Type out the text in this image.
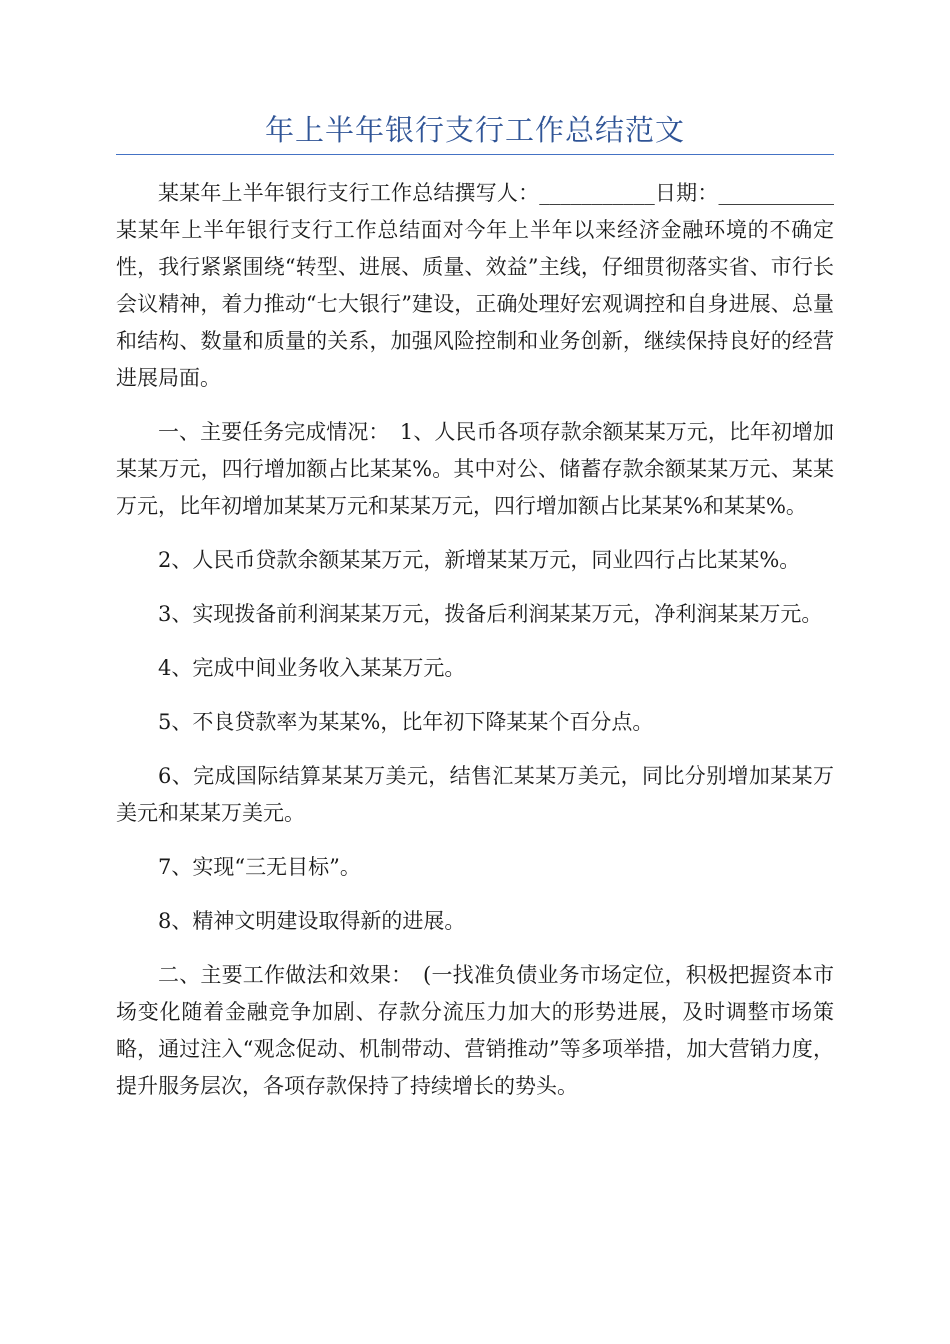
年上半年银行支行工作总结范文

某某年上半年银行支行工作总结撰写人：___________日期：___________某某年上半年银行支行工作总结面对今年上半年以来经济金融环境的不确定性，我行紧紧围绕“转型、进展、质量、效益”主线，仔细贯彻落实省、市行长会议精神，着力推动“七大银行”建设，正确处理好宏观调控和自身进展、总量和结构、数量和质量的关系，加强风险控制和业务创新，继续保持良好的经营进展局面。

一、主要任务完成情况：　1、人民币各项存款余额某某万元，比年初增加某某万元，四行增加额占比某某%。其中对公、储蓄存款余额某某万元、某某万元，比年初增加某某万元和某某万元，四行增加额占比某某%和某某%。

2、人民币贷款余额某某万元，新增某某万元，同业四行占比某某%。

3、实现拨备前利润某某万元，拨备后利润某某万元，净利润某某万元。

4、完成中间业务收入某某万元。

5、不良贷款率为某某%，比年初下降某某个百分点。

6、完成国际结算某某万美元，结售汇某某万美元，同比分别增加某某万美元和某某万美元。

7、实现“三无目标”。

8、精神文明建设取得新的进展。

二、主要工作做法和效果：　(一找准负债业务市场定位，积极把握资本市场变化随着金融竞争加剧、存款分流压力加大的形势进展，及时调整市场策略，通过注入“观念促动、机制带动、营销推动”等多项举措，加大营销力度，提升服务层次，各项存款保持了持续增长的势头。
